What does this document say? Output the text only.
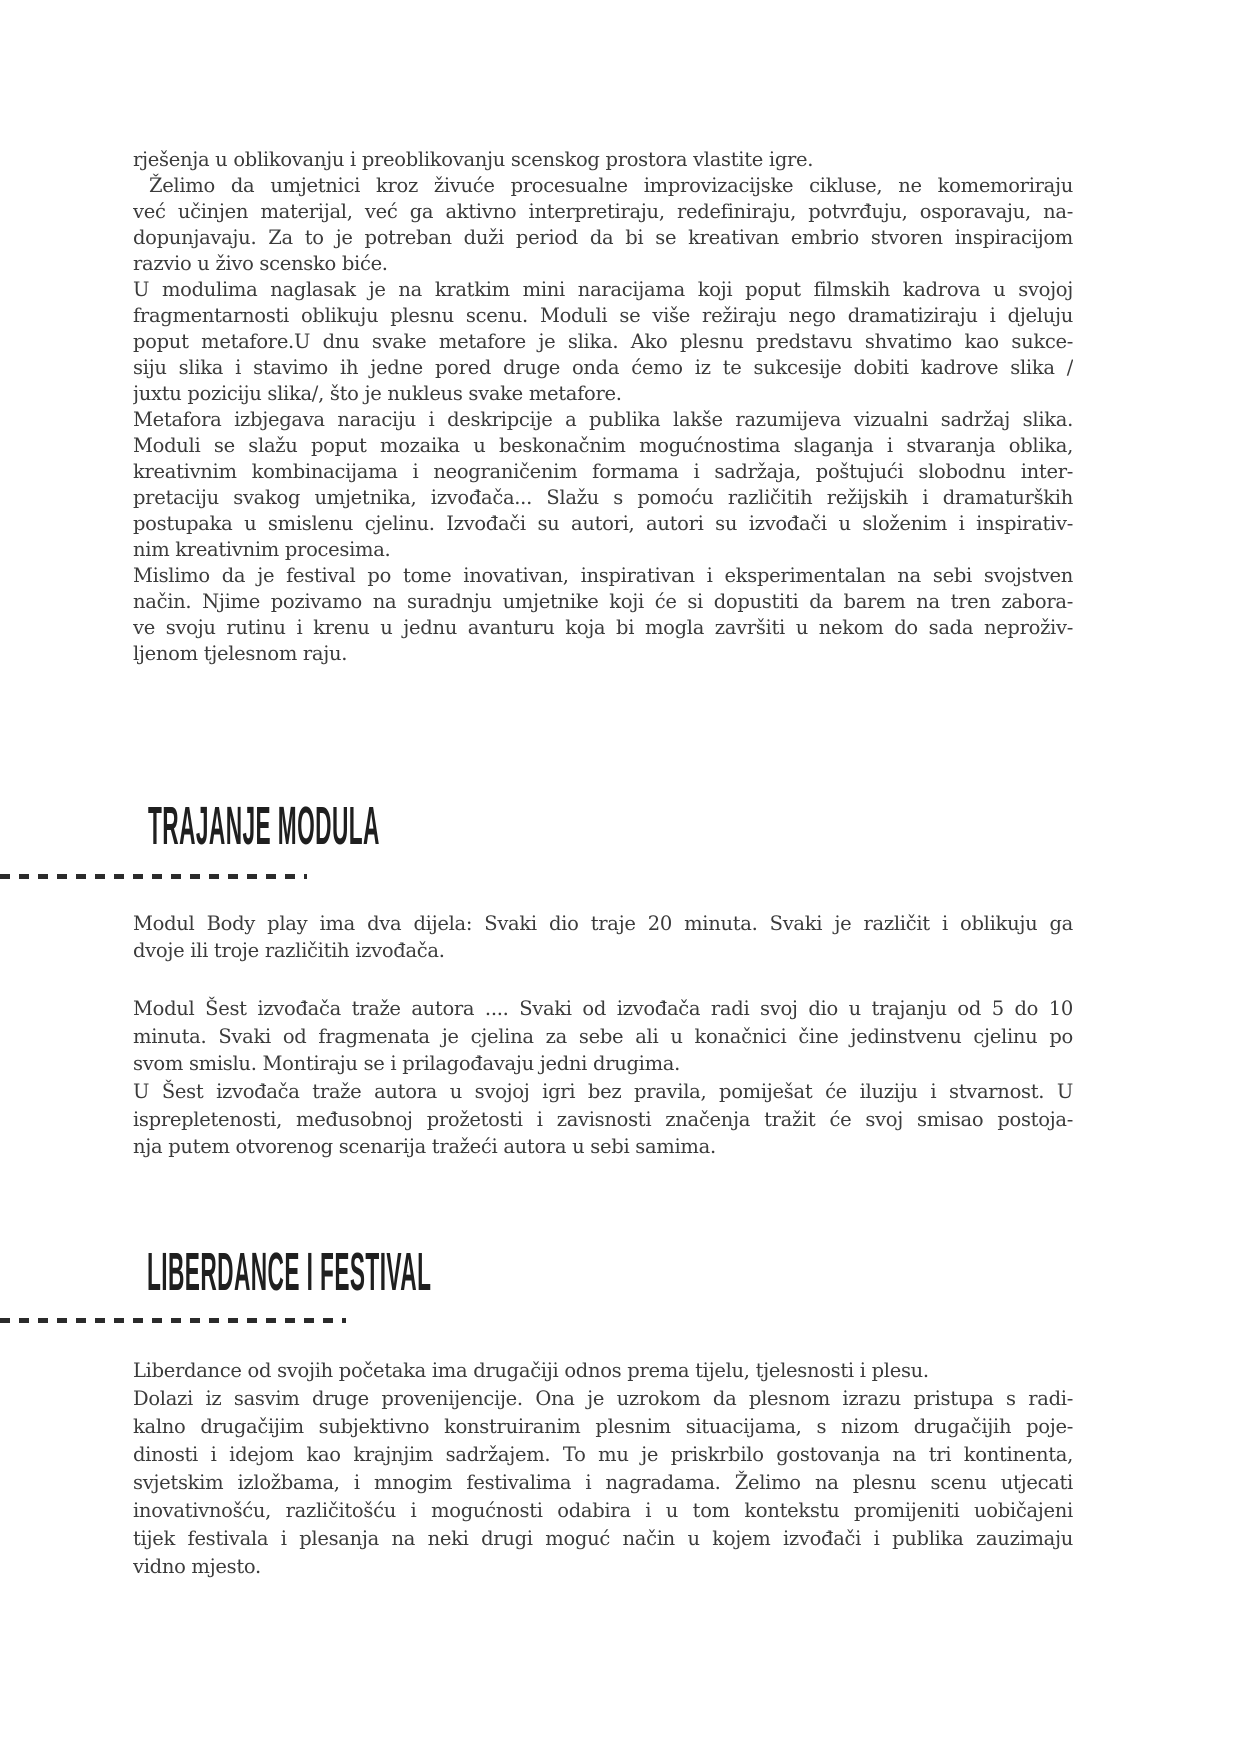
rješenja u oblikovanju i preoblikovanju scenskog prostora vlastite igre.
Želimo da umjetnici kroz živuće procesualne improvizacijske cikluse, ne komemoriraju
već učinjen materijal, već ga aktivno interpretiraju, redefiniraju, potvrđuju, osporavaju, na-
dopunjavaju. Za to je potreban duži period da bi se kreativan embrio stvoren inspiracijom
razvio u živo scensko biće.
U modulima naglasak je na kratkim mini naracijama koji poput filmskih kadrova u svojoj
fragmentarnosti oblikuju plesnu scenu. Moduli se više režiraju nego dramatiziraju i djeluju
poput metafore.U dnu svake metafore je slika. Ako plesnu predstavu shvatimo kao sukce-
siju slika i stavimo ih jedne pored druge onda ćemo iz te sukcesije dobiti kadrove slika /
juxtu poziciju slika/, što je nukleus svake metafore.
Metafora izbjegava naraciju i deskripcije a publika lakše razumijeva vizualni sadržaj slika.
Moduli se slažu poput mozaika u beskonačnim mogućnostima slaganja i stvaranja oblika,
kreativnim kombinacijama i neograničenim formama i sadržaja, poštujući slobodnu inter-
pretaciju svakog umjetnika, izvođača... Slažu s pomoću različitih režijskih i dramaturških
postupaka u smislenu cjelinu. Izvođači su autori, autori su izvođači u složenim i inspirativ-
nim kreativnim procesima.
Mislimo da je festival po tome inovativan, inspirativan i eksperimentalan na sebi svojstven
način. Njime pozivamo na suradnju umjetnike koji će si dopustiti da barem na tren zabora-
ve svoju rutinu i krenu u jednu avanturu koja bi mogla završiti u nekom do sada neproživ-
ljenom tjelesnom raju.
TRAJANJE MODULA
Modul Body play ima dva dijela: Svaki dio traje 20 minuta. Svaki je različit i oblikuju ga
dvoje ili troje različitih izvođača.
Modul Šest izvođača traže autora .... Svaki od izvođača radi svoj dio u trajanju od 5 do 10
minuta. Svaki od fragmenata je cjelina za sebe ali u konačnici čine jedinstvenu cjelinu po
svom smislu. Montiraju se i prilagođavaju jedni drugima.
U Šest izvođača traže autora u svojoj igri bez pravila, pomiješat će iluziju i stvarnost. U
isprepletenosti, međusobnoj prožetosti i zavisnosti značenja tražit će svoj smisao postoja-
nja putem otvorenog scenarija tražeći autora u sebi samima.
LIBERDANCE I FESTIVAL
Liberdance od svojih početaka ima drugačiji odnos prema tijelu, tjelesnosti i plesu.
Dolazi iz sasvim druge provenijencije. Ona je uzrokom da plesnom izrazu pristupa s radi-
kalno drugačijim subjektivno konstruiranim plesnim situacijama, s nizom drugačijih poje-
dinosti i idejom kao krajnjim sadržajem. To mu je priskrbilo gostovanja na tri kontinenta,
svjetskim izložbama, i mnogim festivalima i nagradama. Želimo na plesnu scenu utjecati
inovativnošću, različitošću i mogućnosti odabira i u tom kontekstu promijeniti uobičajeni
tijek festivala i plesanja na neki drugi moguć način u kojem izvođači i publika zauzimaju
vidno mjesto.
